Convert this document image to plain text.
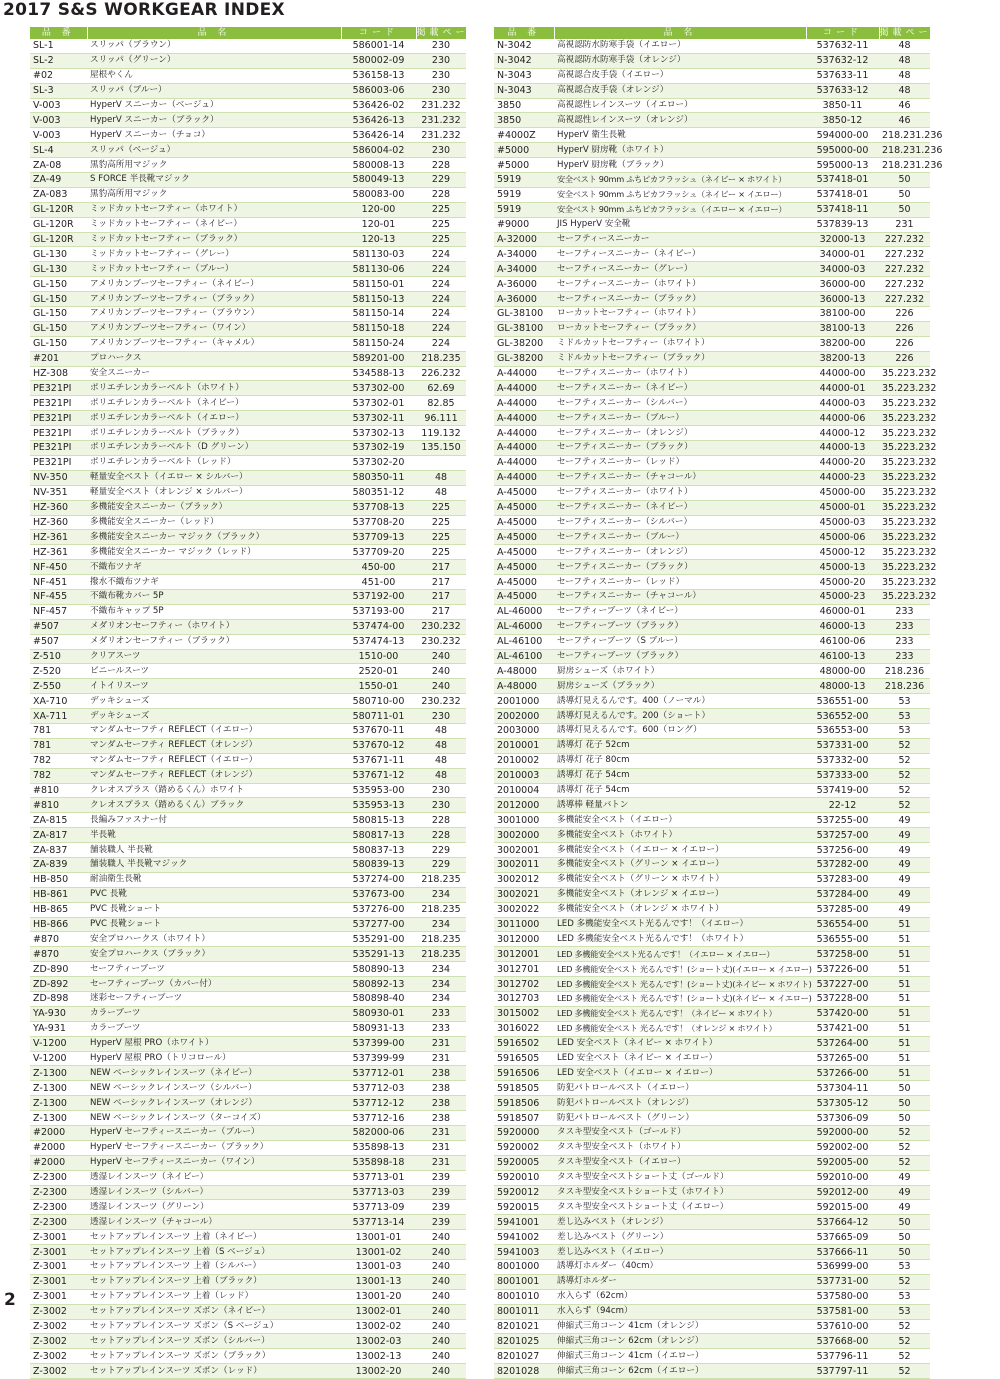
2017 S&S WORKGEAR INDEX
品 番	品 名	コード	掲載ページ
SL-1	スリッパ（ブラウン）	586001-14	230
SL-2	スリッパ（グリーン）	580002-09	230
#02	屋根やくん	536158-13	230
SL-3	スリッパ（ブルー）	586003-06	230
V-003	HyperV スニーカー（ベージュ）	536426-02	231.232
V-003	HyperV スニーカー（ブラック）	536426-13	231.232
V-003	HyperV スニーカー（チョコ）	536426-14	231.232
SL-4	スリッパ（ベージュ）	586004-02	230
ZA-08	黒豹高所用マジック	580008-13	228
ZA-49	S FORCE 半長靴マジック	580049-13	229
ZA-083	黒豹高所用マジック	580083-00	228
GL-120R	ミッドカットセーフティー（ホワイト）	120-00	225
GL-120R	ミッドカットセーフティー（ネイビー）	120-01	225
GL-120R	ミッドカットセーフティー（ブラック）	120-13	225
GL-130	ミッドカットセーフティー（グレー）	581130-03	224
GL-130	ミッドカットセーフティー（ブルー）	581130-06	224
GL-150	アメリカンブーツセーフティー（ネイビー）	581150-01	224
GL-150	アメリカンブーツセーフティー（ブラック）	581150-13	224
GL-150	アメリカンブーツセーフティー（ブラウン）	581150-14	224
GL-150	アメリカンブーツセーフティー（ワイン）	581150-18	224
GL-150	アメリカンブーツセーフティー（キャメル）	581150-24	224
#201	プロハークス	589201-00	218.235
HZ-308	安全スニーカー	534588-13	226.232
PE321PI	ポリエチレンカラーベルト（ホワイト）	537302-00	62.69
PE321PI	ポリエチレンカラーベルト（ネイビー）	537302-01	82.85
PE321PI	ポリエチレンカラーベルト（イエロー）	537302-11	96.111
PE321PI	ポリエチレンカラーベルト（ブラック）	537302-13	119.132
PE321PI	ポリエチレンカラーベルト（D グリーン）	537302-19	135.150
PE321PI	ポリエチレンカラーベルト（レッド）	537302-20	
NV-350	軽量安全ベスト（イエロー × シルバー）	580350-11	48
NV-351	軽量安全ベスト（オレンジ × シルバー）	580351-12	48
HZ-360	多機能安全スニーカー（ブラック）	537708-13	225
HZ-360	多機能安全スニーカー（レッド）	537708-20	225
HZ-361	多機能安全スニーカー マジック（ブラック）	537709-13	225
HZ-361	多機能安全スニーカー マジック（レッド）	537709-20	225
NF-450	不織布ツナギ	450-00	217
NF-451	撥水不織布ツナギ	451-00	217
NF-455	不織布靴カバー 5P	537192-00	217
NF-457	不織布キャップ 5P	537193-00	217
#507	メダリオンセーフティー（ホワイト）	537474-00	230.232
#507	メダリオンセーフティー（ブラック）	537474-13	230.232
Z-510	クリアスーツ	1510-00	240
Z-520	ビニールスーツ	2520-01	240
Z-550	イトイリスーツ	1550-01	240
XA-710	デッキシューズ	580710-00	230.232
XA-711	デッキシューズ	580711-01	230
781	マンダムセーフティ REFLECT（イエロー）	537670-11	48
781	マンダムセーフティ REFLECT（オレンジ）	537670-12	48
782	マンダムセーフティ REFLECT（イエロー）	537671-11	48
782	マンダムセーフティ REFLECT（オレンジ）	537671-12	48
#810	クレオスプラス（踏めるくん）ホワイト	535953-00	230
#810	クレオスプラス（踏めるくん）ブラック	535953-13	230
ZA-815	長編みファスナー付	580815-13	228
ZA-817	半長靴	580817-13	228
ZA-837	舗装職人 半長靴	580837-13	229
ZA-839	舗装職人 半長靴マジック	580839-13	229
HB-850	耐油衛生長靴	537274-00	218.235
HB-861	PVC 長靴	537673-00	234
HB-865	PVC 長靴ショート	537276-00	218.235
HB-866	PVC 長靴ショート	537277-00	234
#870	安全プロハークス（ホワイト）	535291-00	218.235
#870	安全プロハークス（ブラック）	535291-13	218.235
ZD-890	セーフティーブーツ	580890-13	234
ZD-892	セーフティーブーツ（カバー付）	580892-13	234
ZD-898	迷彩セーフティーブーツ	580898-40	234
YA-930	カラーブーツ	580930-01	233
YA-931	カラーブーツ	580931-13	233
V-1200	HyperV 屋根 PRO（ホワイト）	537399-00	231
V-1200	HyperV 屋根 PRO（トリコロール）	537399-99	231
Z-1300	NEW ベーシックレインスーツ（ネイビー）	537712-01	238
Z-1300	NEW ベーシックレインスーツ（シルバー）	537712-03	238
Z-1300	NEW ベーシックレインスーツ（オレンジ）	537712-12	238
Z-1300	NEW ベーシックレインスーツ（ターコイズ）	537712-16	238
#2000	HyperV セーフティースニーカー（ブルー）	582000-06	231
#2000	HyperV セーフティースニーカー（ブラック）	535898-13	231
#2000	HyperV セーフティースニーカー（ワイン）	535898-18	231
Z-2300	透湿レインスーツ（ネイビー）	537713-01	239
Z-2300	透湿レインスーツ（シルバー）	537713-03	239
Z-2300	透湿レインスーツ（グリーン）	537713-09	239
Z-2300	透湿レインスーツ（チャコール）	537713-14	239
Z-3001	セットアップレインスーツ 上着（ネイビー）	13001-01	240
Z-3001	セットアップレインスーツ 上着（S ベージュ）	13001-02	240
Z-3001	セットアップレインスーツ 上着（シルバー）	13001-03	240
Z-3001	セットアップレインスーツ 上着（ブラック）	13001-13	240
Z-3001	セットアップレインスーツ 上着（レッド）	13001-20	240
Z-3002	セットアップレインスーツ ズボン（ネイビー）	13002-01	240
Z-3002	セットアップレインスーツ ズボン（S ベージュ）	13002-02	240
Z-3002	セットアップレインスーツ ズボン（シルバー）	13002-03	240
Z-3002	セットアップレインスーツ ズボン（ブラック）	13002-13	240
Z-3002	セットアップレインスーツ ズボン（レッド）	13002-20	240
品 番	品 名	コード	掲載ページ
N-3042	高視認防水防寒手袋（イエロー）	537632-11	48
N-3042	高視認防水防寒手袋（オレンジ）	537632-12	48
N-3043	高視認合皮手袋（イエロー）	537633-11	48
N-3043	高視認合皮手袋（オレンジ）	537633-12	48
3850	高視認性レインスーツ（イエロー）	3850-11	46
3850	高視認性レインスーツ（オレンジ）	3850-12	46
#4000Z	HyperV 衛生長靴	594000-00	218.231.236
#5000	HyperV 厨房靴（ホワイト）	595000-00	218.231.236
#5000	HyperV 厨房靴（ブラック）	595000-13	218.231.236
5919	安全ベスト 90mm ふちピカフラッシュ（ネイビー × ホワイト）	537418-01	50
5919	安全ベスト 90mm ふちピカフラッシュ（ネイビー × イエロー）	537418-01	50
5919	安全ベスト 90mm ふちピカフラッシュ（イエロー × イエロー）	537418-11	50
#9000	JIS HyperV 安全靴	537839-13	231
A-32000	セーフティースニーカー	32000-13	227.232
A-34000	セーフティースニーカー（ネイビー）	34000-01	227.232
A-34000	セーフティースニーカー（グレー）	34000-03	227.232
A-36000	セーフティースニーカー（ホワイト）	36000-00	227.232
A-36000	セーフティースニーカー（ブラック）	36000-13	227.232
GL-38100	ローカットセーフティー（ホワイト）	38100-00	226
GL-38100	ローカットセーフティー（ブラック）	38100-13	226
GL-38200	ミドルカットセーフティー（ホワイト）	38200-00	226
GL-38200	ミドルカットセーフティー（ブラック）	38200-13	226
A-44000	セーフティスニーカー（ホワイト）	44000-00	35.223.232
A-44000	セーフティスニーカー（ネイビー）	44000-01	35.223.232
A-44000	セーフティスニーカー（シルバー）	44000-03	35.223.232
A-44000	セーフティスニーカー（ブルー）	44000-06	35.223.232
A-44000	セーフティスニーカー（オレンジ）	44000-12	35.223.232
A-44000	セーフティスニーカー（ブラック）	44000-13	35.223.232
A-44000	セーフティスニーカー（レッド）	44000-20	35.223.232
A-44000	セーフティスニーカー（チャコール）	44000-23	35.223.232
A-45000	セーフティスニーカー（ホワイト）	45000-00	35.223.232
A-45000	セーフティスニーカー（ネイビー）	45000-01	35.223.232
A-45000	セーフティスニーカー（シルバー）	45000-03	35.223.232
A-45000	セーフティスニーカー（ブルー）	45000-06	35.223.232
A-45000	セーフティスニーカー（オレンジ）	45000-12	35.223.232
A-45000	セーフティスニーカー（ブラック）	45000-13	35.223.232
A-45000	セーフティスニーカー（レッド）	45000-20	35.223.232
A-45000	セーフティスニーカー（チャコール）	45000-23	35.223.232
AL-46000	セーフティーブーツ（ネイビー）	46000-01	233
AL-46000	セーフティーブーツ（ブラック）	46000-13	233
AL-46100	セーフティーブーツ（S ブルー）	46100-06	233
AL-46100	セーフティーブーツ（ブラック）	46100-13	233
A-48000	厨房シューズ（ホワイト）	48000-00	218.236
A-48000	厨房シューズ（ブラック）	48000-13	218.236
2001000	誘導灯見えるんです。400（ノーマル）	536551-00	53
2002000	誘導灯見えるんです。200（ショート）	536552-00	53
2003000	誘導灯見えるんです。600（ロング）	536553-00	53
2010001	誘導灯 花子 52cm	537331-00	52
2010002	誘導灯 花子 80cm	537332-00	52
2010003	誘導灯 花子 54cm	537333-00	52
2010004	誘導灯 花子 54cm	537419-00	52
2012000	誘導棒 軽量バトン	22-12	52
3001000	多機能安全ベスト（イエロー）	537255-00	49
3002000	多機能安全ベスト（ホワイト）	537257-00	49
3002001	多機能安全ベスト（イエロー × イエロー）	537256-00	49
3002011	多機能安全ベスト（グリーン × イエロー）	537282-00	49
3002012	多機能安全ベスト（グリーン × ホワイト）	537283-00	49
3002021	多機能安全ベスト（オレンジ × イエロー）	537284-00	49
3002022	多機能安全ベスト（オレンジ × ホワイト）	537285-00	49
3011000	LED 多機能安全ベスト光るんです！（イエロー）	536554-00	51
3012000	LED 多機能安全ベスト光るんです！（ホワイト）	536555-00	51
3012001	LED 多機能安全ベスト光るんです！（イエロー × イエロー）	537258-00	51
3012701	LED 多機能安全ベスト 光るんです！(ショート丈)(イエロー × イエロー)	537226-00	51
3012702	LED 多機能安全ベスト 光るんです！(ショート丈)(ネイビー × ホワイト)	537227-00	51
3012703	LED 多機能安全ベスト 光るんです！(ショート丈)(ネイビー × イエロー)	537228-00	51
3015002	LED 多機能安全ベスト 光るんです！（ネイビー × ホワイト）	537420-00	51
3016022	LED 多機能安全ベスト 光るんです！（オレンジ × ホワイト）	537421-00	51
5916502	LED 安全ベスト（ネイビー × ホワイト）	537264-00	51
5916505	LED 安全ベスト（ネイビー × イエロー）	537265-00	51
5916506	LED 安全ベスト（イエロー × イエロー）	537266-00	51
5918505	防犯パトロールベスト（イエロー）	537304-11	50
5918506	防犯パトロールベスト（オレンジ）	537305-12	50
5918507	防犯パトロールベスト（グリーン）	537306-09	50
5920000	タスキ型安全ベスト（ゴールド）	592000-00	52
5920002	タスキ型安全ベスト（ホワイト）	592002-00	52
5920005	タスキ型安全ベスト（イエロー）	592005-00	52
5920010	タスキ型安全ベストショート丈（ゴールド）	592010-00	49
5920012	タスキ型安全ベストショート丈（ホワイト）	592012-00	49
5920015	タスキ型安全ベストショート丈（イエロー）	592015-00	49
5941001	差し込みベスト（オレンジ）	537664-12	50
5941002	差し込みベスト（グリーン）	537665-09	50
5941003	差し込みベスト（イエロー）	537666-11	50
8001000	誘導灯ホルダー（40cm）	536999-00	53
8001001	誘導灯ホルダー	537731-00	52
8001010	水入らず（62cm）	537580-00	53
8001011	水入らず（94cm）	537581-00	53
8201021	伸縮式三角コーン 41cm（オレンジ）	537610-00	52
8201025	伸縮式三角コーン 62cm（オレンジ）	537668-00	52
8201027	伸縮式三角コーン 41cm（イエロー）	537796-11	52
8201028	伸縮式三角コーン 62cm（イエロー）	537797-11	52
2
